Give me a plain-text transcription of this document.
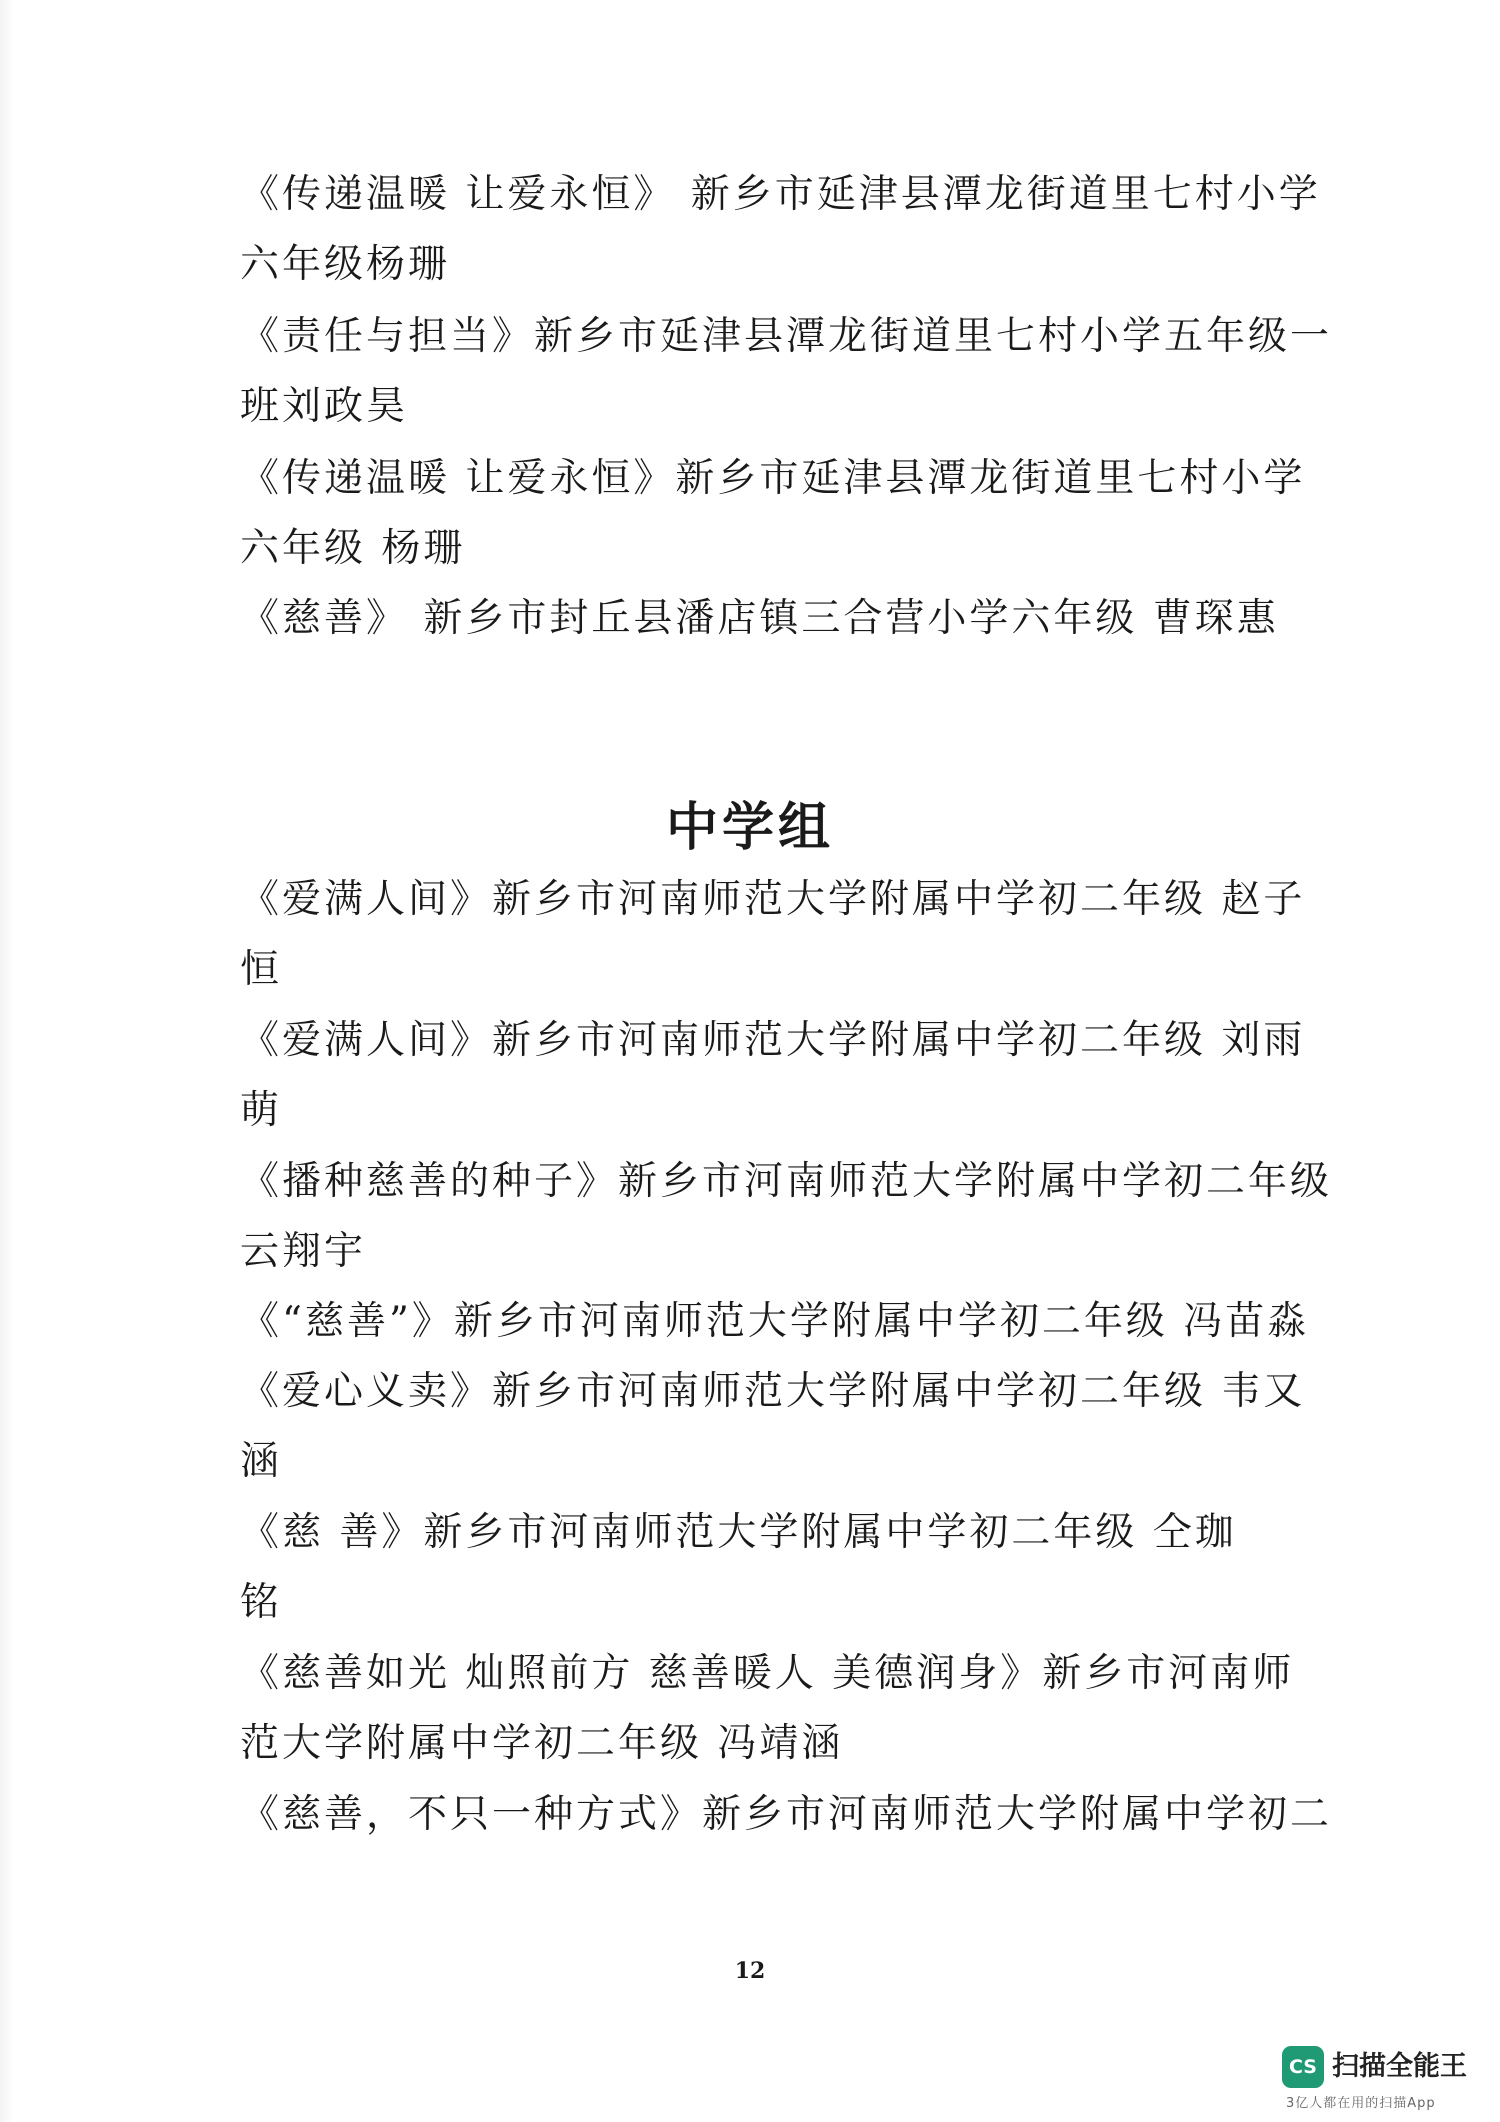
《传递温暖 让爱永恒》 新乡市延津县潭龙街道里七村小学
六年级杨珊
《责任与担当》新乡市延津县潭龙街道里七村小学五年级一
班刘政昊
《传递温暖 让爱永恒》新乡市延津县潭龙街道里七村小学
六年级 杨珊
《慈善》 新乡市封丘县潘店镇三合营小学六年级 曹琛惠
中学组
《爱满人间》新乡市河南师范大学附属中学初二年级 赵子
恒
《爱满人间》新乡市河南师范大学附属中学初二年级 刘雨
萌
《播种慈善的种子》新乡市河南师范大学附属中学初二年级
云翔宇
《“慈善”》新乡市河南师范大学附属中学初二年级 冯苗淼
《爱心义卖》新乡市河南师范大学附属中学初二年级 韦又
涵
《慈 善》新乡市河南师范大学附属中学初二年级 仝珈
铭
《慈善如光 灿照前方 慈善暖人 美德润身》新乡市河南师
范大学附属中学初二年级 冯靖涵
《慈善，不只一种方式》新乡市河南师范大学附属中学初二
12
CS 扫描全能王
3亿人都在用的扫描App
